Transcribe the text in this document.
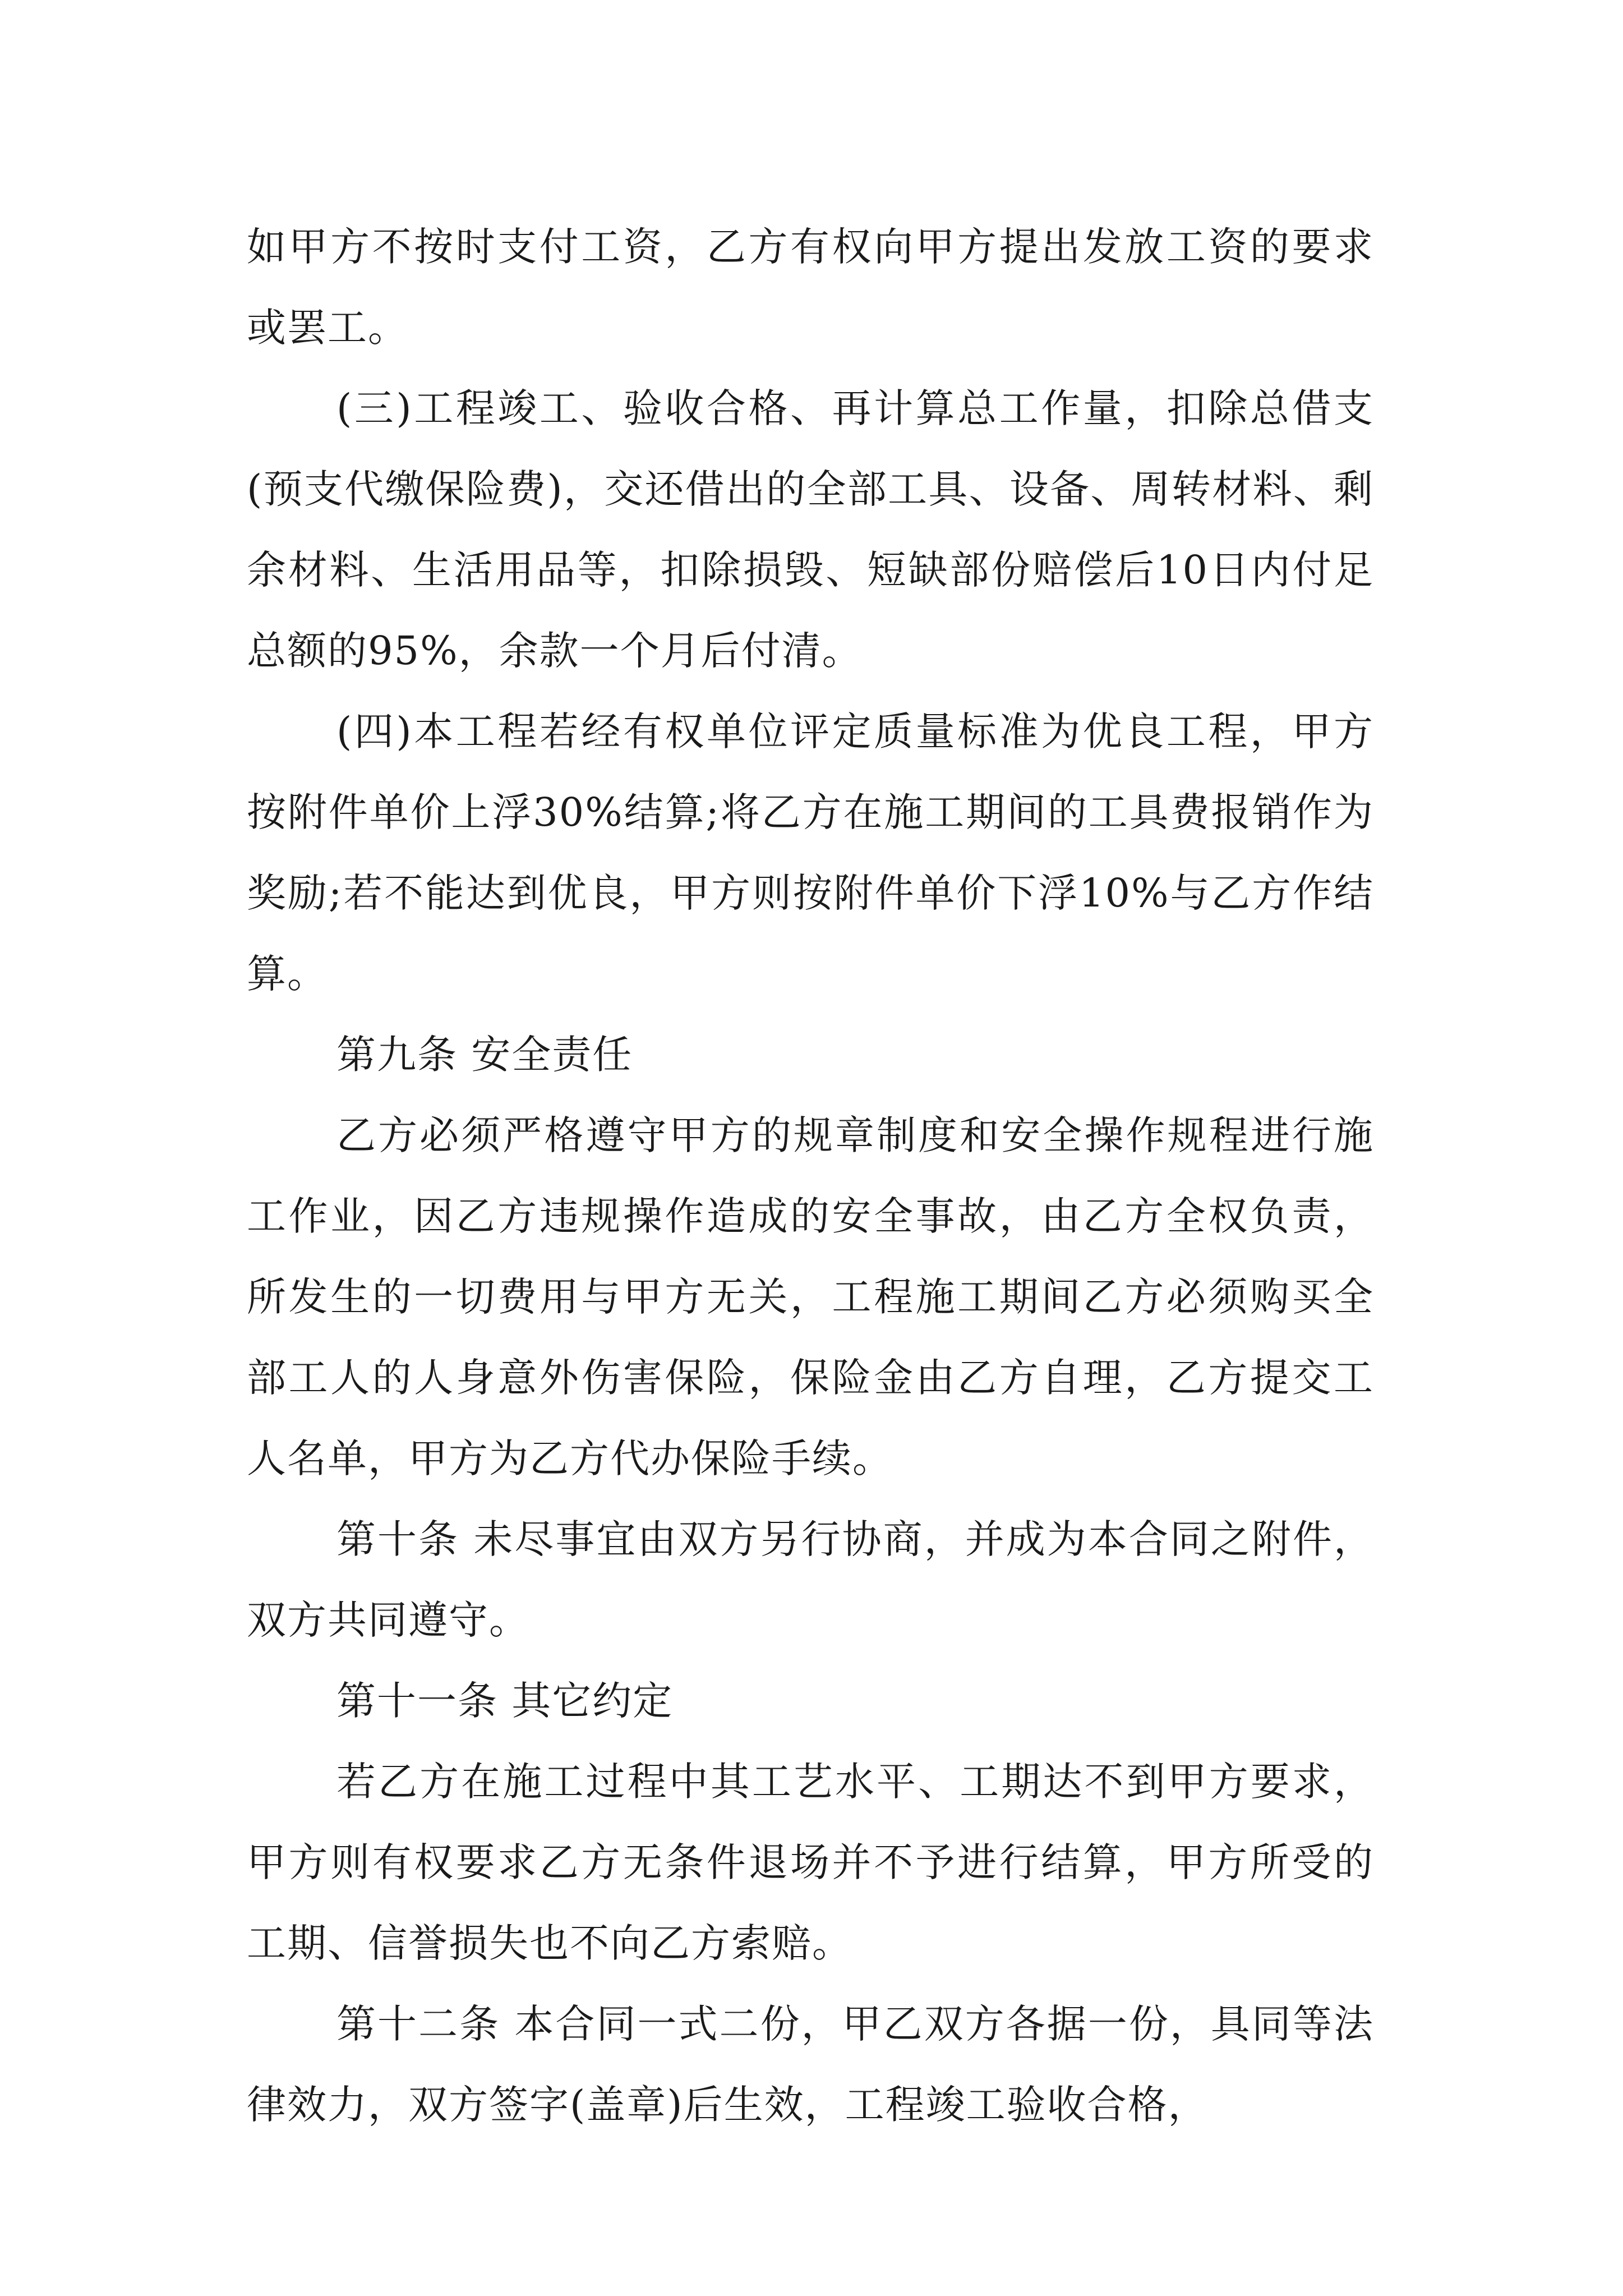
如甲方不按时支付工资，乙方有权向甲方提出发放工资的要求或罢工。

(三)工程竣工、验收合格、再计算总工作量，扣除总借支(预支代缴保险费)，交还借出的全部工具、设备、周转材料、剩余材料、生活用品等，扣除损毁、短缺部份赔偿后10日内付足总额的95%，余款一个月后付清。

(四)本工程若经有权单位评定质量标准为优良工程，甲方按附件单价上浮30%结算;将乙方在施工期间的工具费报销作为奖励;若不能达到优良，甲方则按附件单价下浮10%与乙方作结算。

第九条 安全责任

乙方必须严格遵守甲方的规章制度和安全操作规程进行施工作业，因乙方违规操作造成的安全事故，由乙方全权负责，所发生的一切费用与甲方无关，工程施工期间乙方必须购买全部工人的人身意外伤害保险，保险金由乙方自理，乙方提交工人名单，甲方为乙方代办保险手续。

第十条 未尽事宜由双方另行协商，并成为本合同之附件，双方共同遵守。

第十一条 其它约定

若乙方在施工过程中其工艺水平、工期达不到甲方要求，甲方则有权要求乙方无条件退场并不予进行结算，甲方所受的工期、信誉损失也不向乙方索赔。

第十二条 本合同一式二份，甲乙双方各据一份，具同等法律效力，双方签字(盖章)后生效，工程竣工验收合格，
